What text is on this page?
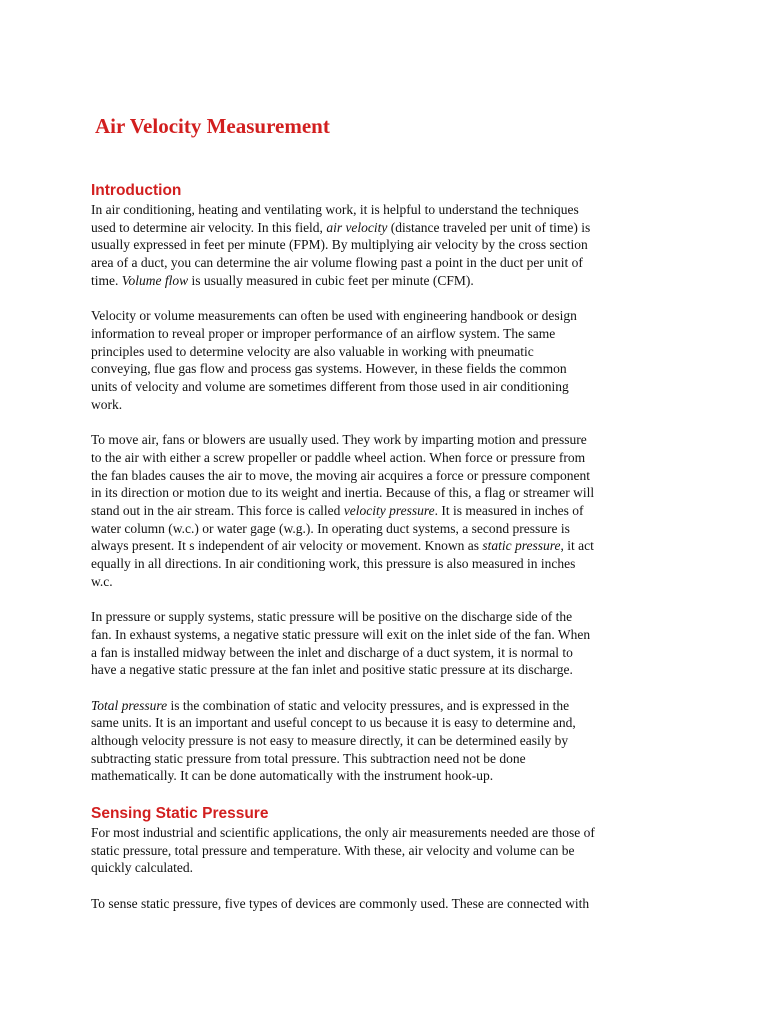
Air Velocity Measurement
Introduction

In air conditioning, heating and ventilating work, it is helpful to understand the techniques
used to determine air velocity. In this field, air velocity (distance traveled per unit of time) is
usually expressed in feet per minute (FPM). By multiplying air velocity by the cross section
area of a duct, you can determine the air volume flowing past a point in the duct per unit of
time. Volume flow is usually measured in cubic feet per minute (CFM).

Velocity or volume measurements can often be used with engineering handbook or design
information to reveal proper or improper performance of an airflow system. The same
principles used to determine velocity are also valuable in working with pneumatic
conveying, flue gas flow and process gas systems. However, in these fields the common
units of velocity and volume are sometimes different from those used in air conditioning
work.

To move air, fans or blowers are usually used. They work by imparting motion and pressure
to the air with either a screw propeller or paddle wheel action. When force or pressure from
the fan blades causes the air to move, the moving air acquires a force or pressure component
in its direction or motion due to its weight and inertia. Because of this, a flag or streamer will
stand out in the air stream. This force is called velocity pressure. It is measured in inches of
water column (w.c.) or water gage (w.g.). In operating duct systems, a second pressure is
always present. It s independent of air velocity or movement. Known as static pressure, it act
equally in all directions. In air conditioning work, this pressure is also measured in inches
w.c.

In pressure or supply systems, static pressure will be positive on the discharge side of the
fan. In exhaust systems, a negative static pressure will exit on the inlet side of the fan. When
a fan is installed midway between the inlet and discharge of a duct system, it is normal to
have a negative static pressure at the fan inlet and positive static pressure at its discharge.

Total pressure is the combination of static and velocity pressures, and is expressed in the
same units. It is an important and useful concept to us because it is easy to determine and,
although velocity pressure is not easy to measure directly, it can be determined easily by
subtracting static pressure from total pressure. This subtraction need not be done
mathematically. It can be done automatically with the instrument hook-up.

Sensing Static Pressure

For most industrial and scientific applications, the only air measurements needed are those of
static pressure, total pressure and temperature. With these, air velocity and volume can be
quickly calculated.

To sense static pressure, five types of devices are commonly used. These are connected with
